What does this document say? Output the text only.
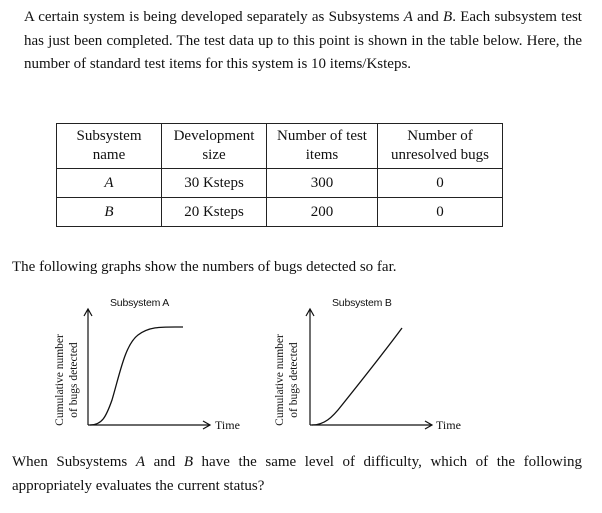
A certain system is being developed separately as Subsystems A and B. Each subsystem test has just been completed. The test data up to this point is shown in the table below. Here, the number of standard test items for this system is 10 items/Ksteps.
Subsystem name	Development size	Number of test items	Number of unresolved bugs
A	30 Ksteps	300	0
B	20 Ksteps	200	0
The following graphs show the numbers of bugs detected so far.
Subsystem A
Cumulative number of bugs detected
Time
Subsystem B
Cumulative number of bugs detected
Time
When Subsystems A and B have the same level of difficulty, which of the following appropriately evaluates the current status?
